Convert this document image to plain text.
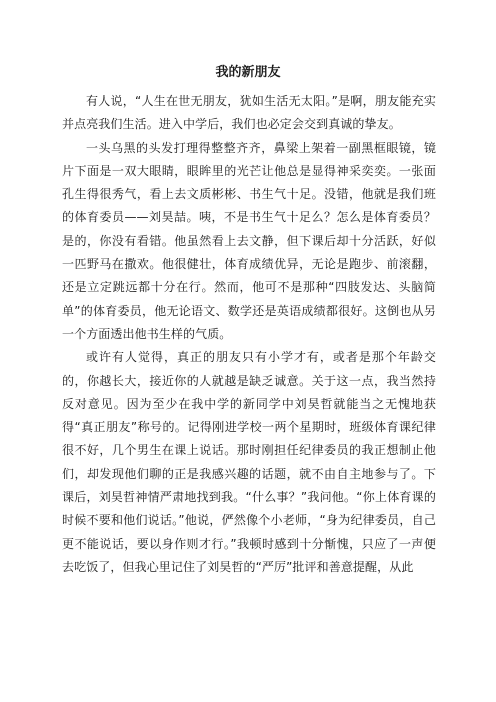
我的新朋友

有人说，“人生在世无朋友，犹如生活无太阳。”是啊，朋友能充实并点亮我们生活。进入中学后，我们也必定会交到真诚的挚友。

一头乌黑的头发打理得整整齐齐，鼻梁上架着一副黑框眼镜，镜片下面是一双大眼睛，眼眸里的光芒让他总是显得神采奕奕。一张面孔生得很秀气，看上去文质彬彬、书生气十足。没错，他就是我们班的体育委员——刘昊喆。咦，不是书生气十足么？怎么是体育委员？是的，你没有看错。他虽然看上去文静，但下课后却十分活跃，好似一匹野马在撒欢。他很健壮，体育成绩优异，无论是跑步、前滚翻，还是立定跳远都十分在行。然而，他可不是那种“四肢发达、头脑简单”的体育委员，他无论语文、数学还是英语成绩都很好。这倒也从另一个方面透出他书生样的气质。

或许有人觉得，真正的朋友只有小学才有，或者是那个年龄交的，你越长大，接近你的人就越是缺乏诚意。关于这一点，我当然持反对意见。因为至少在我中学的新同学中刘昊哲就能当之无愧地获得“真正朋友”称号的。记得刚进学校一两个星期时，班级体育课纪律很不好，几个男生在课上说话。那时刚担任纪律委员的我正想制止他们，却发现他们聊的正是我感兴趣的话题，就不由自主地参与了。下课后，刘昊哲神情严肃地找到我。“什么事？”我问他。“你上体育课的时候不要和他们说话。”他说，俨然像个小老师，“身为纪律委员，自己更不能说话，要以身作则才行。”我顿时感到十分惭愧，只应了一声便去吃饭了，但我心里记住了刘昊哲的“严厉”批评和善意提醒，从此
